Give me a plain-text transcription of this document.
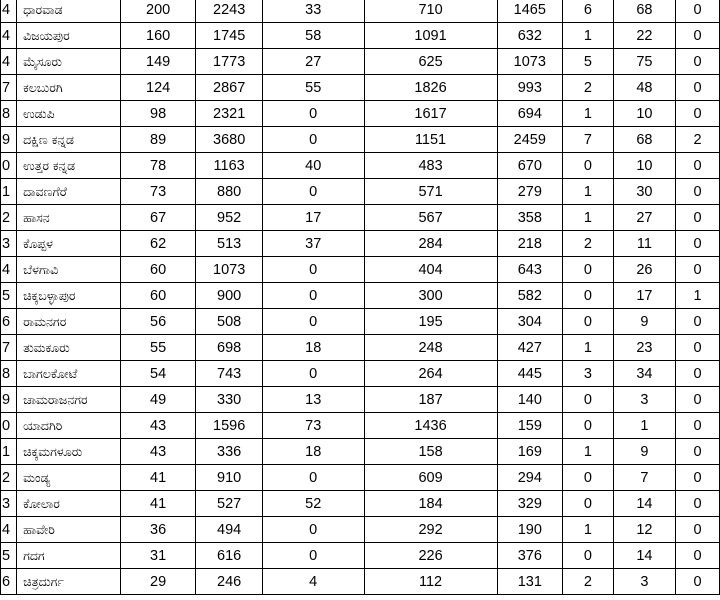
4	ಧಾರವಾಡ	200	2243	33	710	1465	6	68	0
4	ವಿಜಯಪುರ	160	1745	58	1091	632	1	22	0
4	ಮೈಸೂರು	149	1773	27	625	1073	5	75	0
7	ಕಲಬುರಗಿ	124	2867	55	1826	993	2	48	0
8	ಉಡುಪಿ	98	2321	0	1617	694	1	10	0
9	ದಕ್ಷಿಣ ಕನ್ನಡ	89	3680	0	1151	2459	7	68	2
0	ಉತ್ತರ ಕನ್ನಡ	78	1163	40	483	670	0	10	0
1	ದಾವಣಗೆರೆ	73	880	0	571	279	1	30	0
2	ಹಾಸನ	67	952	17	567	358	1	27	0
3	ಕೊಪ್ಪಳ	62	513	37	284	218	2	11	0
4	ಬೆಳಗಾವಿ	60	1073	0	404	643	0	26	0
5	ಚಿಕ್ಕಬಳ್ಳಾಪುರ	60	900	0	300	582	0	17	1
6	ರಾಮನಗರ	56	508	0	195	304	0	9	0
7	ತುಮಕೂರು	55	698	18	248	427	1	23	0
8	ಬಾಗಲಕೋಟೆ	54	743	0	264	445	3	34	0
9	ಚಾಮರಾಜನಗರ	49	330	13	187	140	0	3	0
0	ಯಾದಗಿರಿ	43	1596	73	1436	159	0	1	0
1	ಚಿಕ್ಕಮಗಳೂರು	43	336	18	158	169	1	9	0
2	ಮಂಡ್ಯ	41	910	0	609	294	0	7	0
3	ಕೋಲಾರ	41	527	52	184	329	0	14	0
4	ಹಾವೇರಿ	36	494	0	292	190	1	12	0
5	ಗದಗ	31	616	0	226	376	0	14	0
6	ಚಿತ್ರದುರ್ಗ	29	246	4	112	131	2	3	0
